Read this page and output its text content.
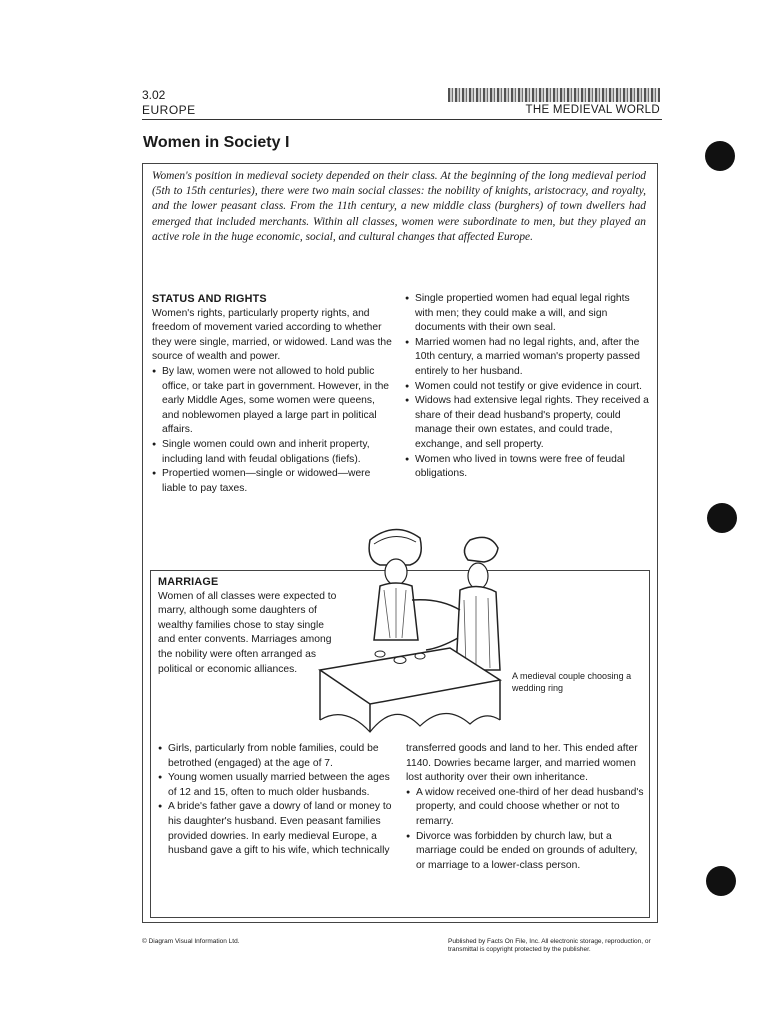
3.02
EUROPE	THE MEDIEVAL WORLD
Women in Society I
Women's position in medieval society depended on their class. At the beginning of the long medieval period (5th to 15th centuries), there were two main social classes: the nobility of knights, aristocracy, and royalty, and the lower peasant class. From the 11th century, a new middle class (burghers) of town dwellers had emerged that included merchants. Within all classes, women were subordinate to men, but they played an active role in the huge economic, social, and cultural changes that affected Europe.
STATUS AND RIGHTS
Women's rights, particularly property rights, and freedom of movement varied according to whether they were single, married, or widowed. Land was the source of wealth and power.
● By law, women were not allowed to hold public office, or take part in government. However, in the early Middle Ages, some women were queens, and noblewomen played a large part in political affairs.
● Single women could own and inherit property, including land with feudal obligations (fiefs).
● Propertied women—single or widowed—were liable to pay taxes.
● Single propertied women had equal legal rights with men; they could make a will, and sign documents with their own seal.
● Married women had no legal rights, and, after the 10th century, a married woman's property passed entirely to her husband.
● Women could not testify or give evidence in court.
● Widows had extensive legal rights. They received a share of their dead husband's property, could manage their own estates, and could trade, exchange, and sell property.
● Women who lived in towns were free of feudal obligations.
MARRIAGE
Women of all classes were expected to marry, although some daughters of wealthy families chose to stay single and enter convents. Marriages among the nobility were often arranged as political or economic alliances.
A medieval couple choosing a wedding ring
● Girls, particularly from noble families, could be betrothed (engaged) at the age of 7.
● Young women usually married between the ages of 12 and 15, often to much older husbands.
● A bride's father gave a dowry of land or money to his daughter's husband. Even peasant families provided dowries. In early medieval Europe, a husband gave a gift to his wife, which technically
transferred goods and land to her. This ended after 1140. Dowries became larger, and married women lost authority over their own inheritance.
● A widow received one-third of her dead husband's property, and could choose whether or not to remarry.
● Divorce was forbidden by church law, but a marriage could be ended on grounds of adultery, or marriage to a lower-class person.
© Diagram Visual Information Ltd.	Published by Facts On File, Inc. All electronic storage, reproduction, or transmittal is copyright protected by the publisher.
